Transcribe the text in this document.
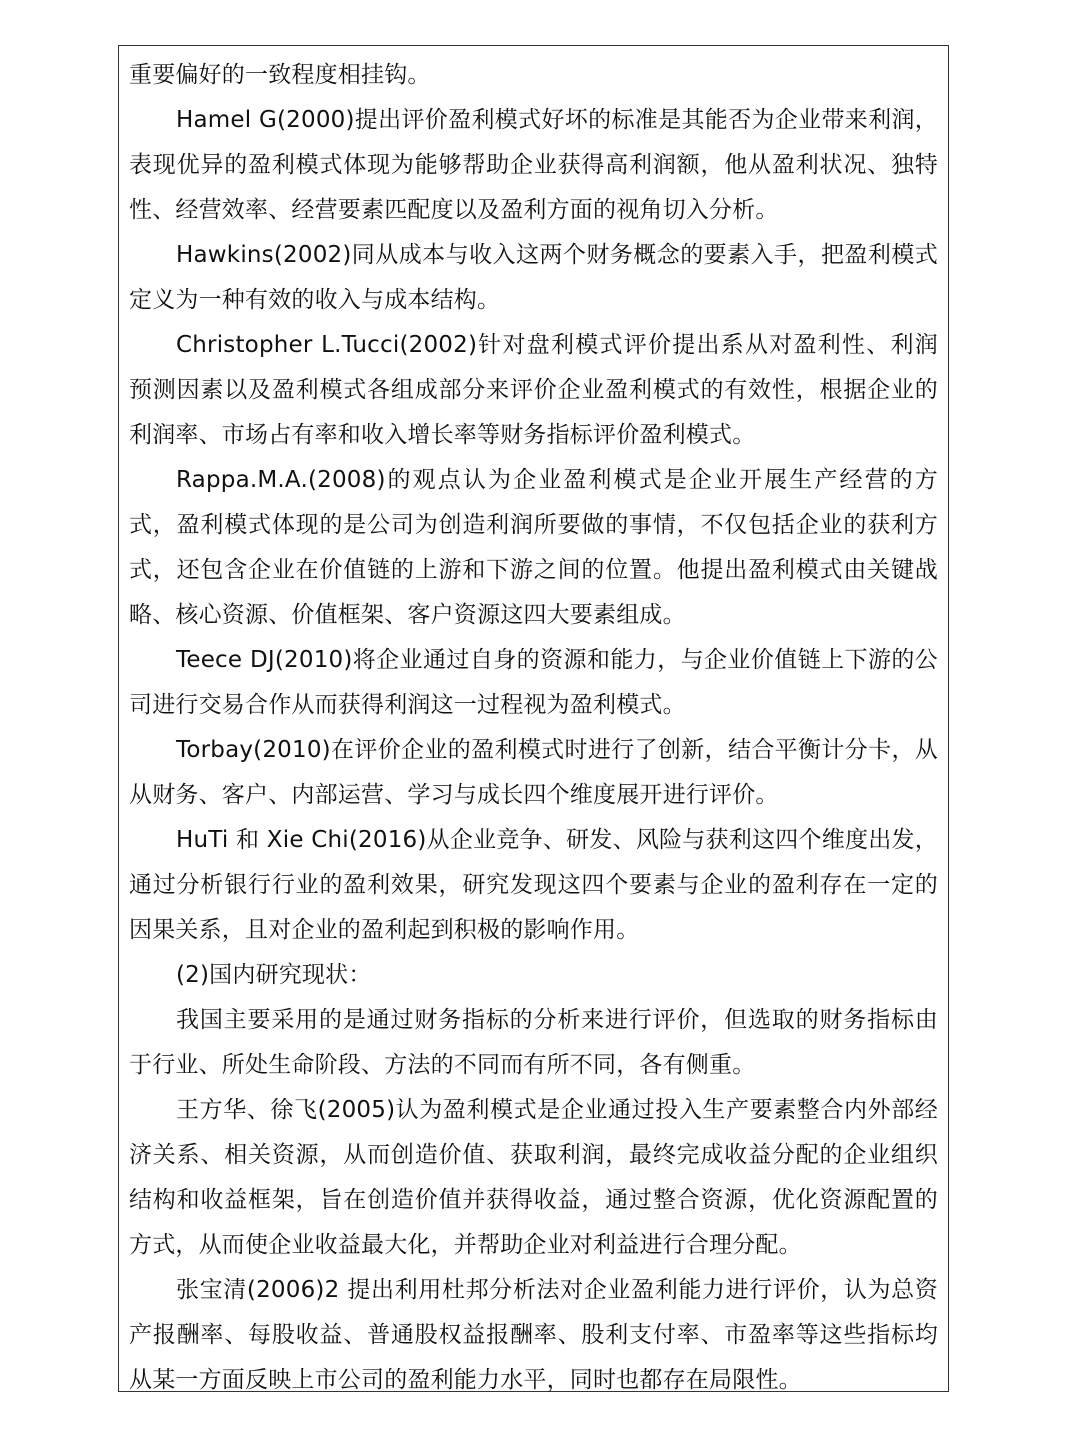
重要偏好的一致程度相挂钩。

Hamel G(2000)提出评价盈利模式好坏的标准是其能否为企业带来利润，表现优异的盈利模式体现为能够帮助企业获得高利润额，他从盈利状况、独特性、经营效率、经营要素匹配度以及盈利方面的视角切入分析。

Hawkins(2002)同从成本与收入这两个财务概念的要素入手，把盈利模式定义为一种有效的收入与成本结构。

Christopher L.Tucci(2002)针对盘利模式评价提出系从对盈利性、利润预测因素以及盈利模式各组成部分来评价企业盈利模式的有效性，根据企业的利润率、市场占有率和收入增长率等财务指标评价盈利模式。

Rappa.M.A.(2008)的观点认为企业盈利模式是企业开展生产经营的方式，盈利模式体现的是公司为创造利润所要做的事情，不仅包括企业的获利方式，还包含企业在价值链的上游和下游之间的位置。他提出盈利模式由关键战略、核心资源、价值框架、客户资源这四大要素组成。

Teece DJ(2010)将企业通过自身的资源和能力，与企业价值链上下游的公司进行交易合作从而获得利润这一过程视为盈利模式。

Torbay(2010)在评价企业的盈利模式时进行了创新，结合平衡计分卡，从从财务、客户、内部运营、学习与成长四个维度展开进行评价。

HuTi 和 Xie Chi(2016)从企业竞争、研发、风险与获利这四个维度出发，通过分析银行行业的盈利效果，研究发现这四个要素与企业的盈利存在一定的因果关系，且对企业的盈利起到积极的影响作用。

(2)国内研究现状：

我国主要采用的是通过财务指标的分析来进行评价，但选取的财务指标由于行业、所处生命阶段、方法的不同而有所不同，各有侧重。

王方华、徐飞(2005)认为盈利模式是企业通过投入生产要素整合内外部经济关系、相关资源，从而创造价值、获取利润，最终完成收益分配的企业组织结构和收益框架，旨在创造价值并获得收益，通过整合资源，优化资源配置的方式，从而使企业收益最大化，并帮助企业对利益进行合理分配。

张宝清(2006)2 提出利用杜邦分析法对企业盈利能力进行评价，认为总资产报酬率、每股收益、普通股权益报酬率、股利支付率、市盈率等这些指标均从某一方面反映上市公司的盈利能力水平，同时也都存在局限性。
